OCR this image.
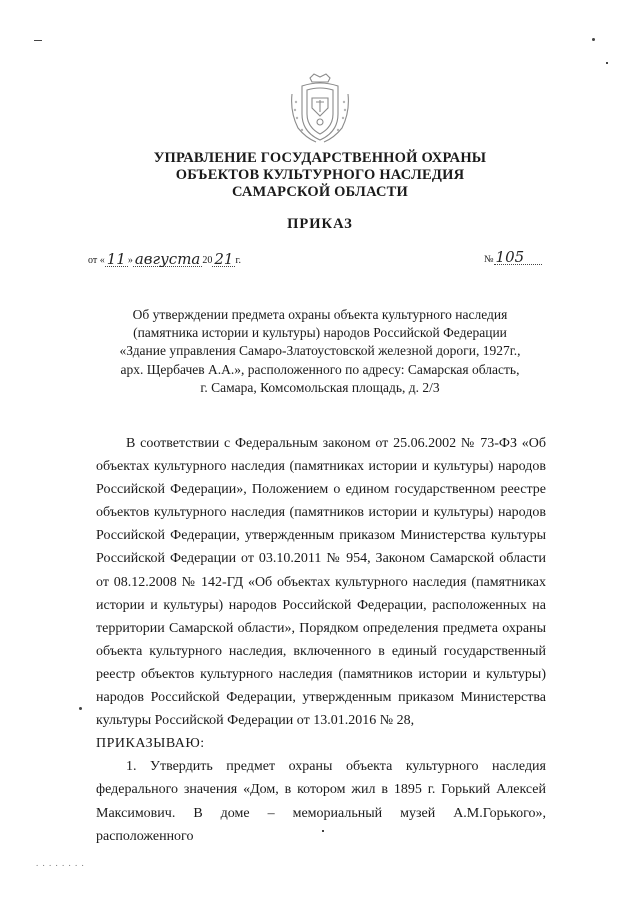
УПРАВЛЕНИЕ ГОСУДАРСТВЕННОЙ ОХРАНЫ
ОБЪЕКТОВ КУЛЬТУРНОГО НАСЛЕДИЯ
САМАРСКОЙ ОБЛАСТИ
ПРИКАЗ
от « 11 » августа 20 21 г.	№ 105
Об утверждении предмета охраны объекта культурного наследия
(памятника истории и культуры) народов Российской Федерации
«Здание управления Самаро-Златоустовской железной дороги, 1927г.,
арх. Щербачев А.А.», расположенного по адресу: Самарская область,
г. Самара, Комсомольская площадь, д. 2/3

В соответствии с Федеральным законом от 25.06.2002 № 73-ФЗ «Об объектах культурного наследия (памятниках истории и культуры) народов Российской Федерации», Положением о едином государственном реестре объектов культурного наследия (памятников истории и культуры) народов Российской Федерации, утвержденным приказом Министерства культуры Российской Федерации от 03.10.2011 № 954, Законом Самарской области от 08.12.2008 № 142-ГД «Об объектах культурного наследия (памятниках истории и культуры) народов Российской Федерации, расположенных на территории Самарской области», Порядком определения предмета охраны объекта культурного наследия, включенного в единый государственный реестр объектов культурного наследия (памятников истории и культуры) народов Российской Федерации, утвержденным приказом Министерства культуры Российской Федерации от 13.01.2016 № 28,

ПРИКАЗЫВАЮ:

1. Утвердить предмет охраны объекта культурного наследия федерального значения «Дом, в котором жил в 1895 г. Горький Алексей Максимович. В доме – мемориальный музей А.М.Горького», расположенного

. . . . . . . .
